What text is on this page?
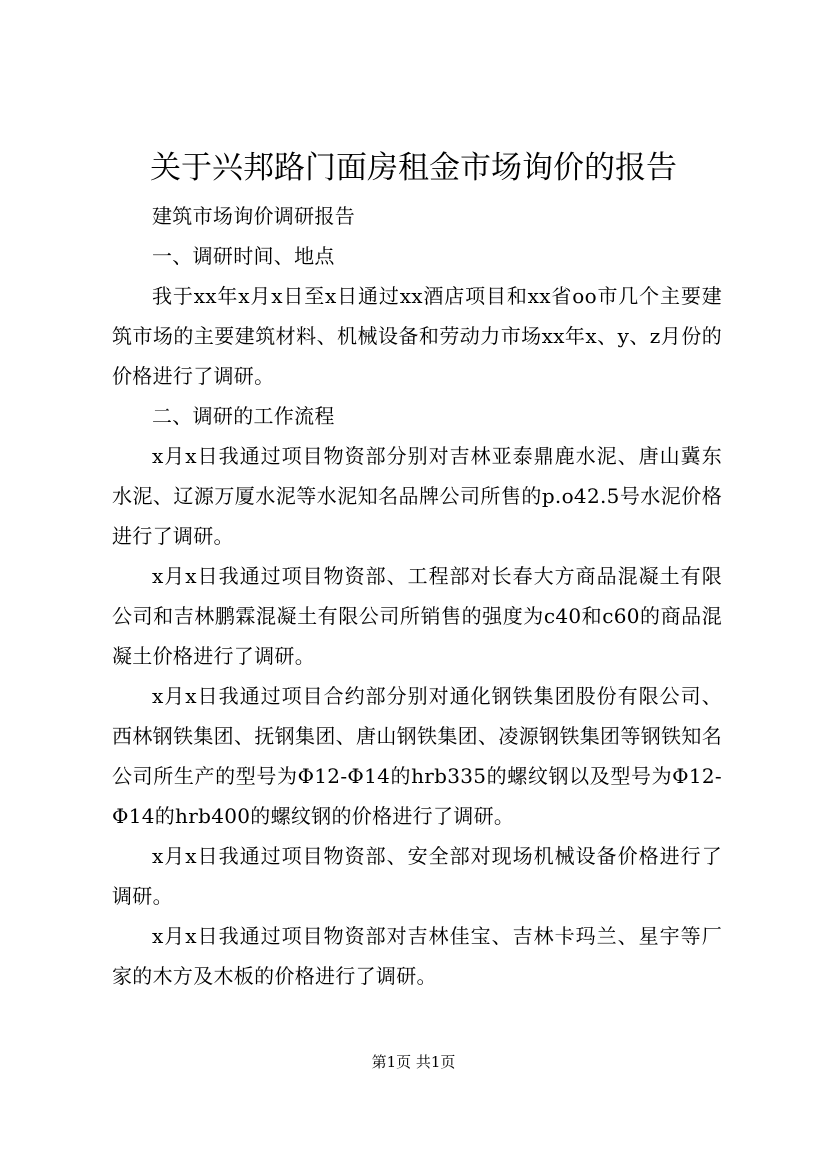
关于兴邦路门面房租金市场询价的报告

建筑市场询价调研报告

一、调研时间、地点

我于xx年x月x日至x日通过xx酒店项目和xx省oo市几个主要建筑市场的主要建筑材料、机械设备和劳动力市场xx年x、y、z月份的价格进行了调研。

二、调研的工作流程

x月x日我通过项目物资部分别对吉林亚泰鼎鹿水泥、唐山冀东水泥、辽源万厦水泥等水泥知名品牌公司所售的p.o42.5号水泥价格进行了调研。

x月x日我通过项目物资部、工程部对长春大方商品混凝土有限公司和吉林鹏霖混凝土有限公司所销售的强度为c40和c60的商品混凝土价格进行了调研。

x月x日我通过项目合约部分别对通化钢铁集团股份有限公司、西林钢铁集团、抚钢集团、唐山钢铁集团、凌源钢铁集团等钢铁知名公司所生产的型号为Φ12-Φ14的hrb335的螺纹钢以及型号为Φ12-Φ14的hrb400的螺纹钢的价格进行了调研。

x月x日我通过项目物资部、安全部对现场机械设备价格进行了调研。

x月x日我通过项目物资部对吉林佳宝、吉林卡玛兰、星宇等厂家的木方及木板的价格进行了调研。

第1页 共1页
